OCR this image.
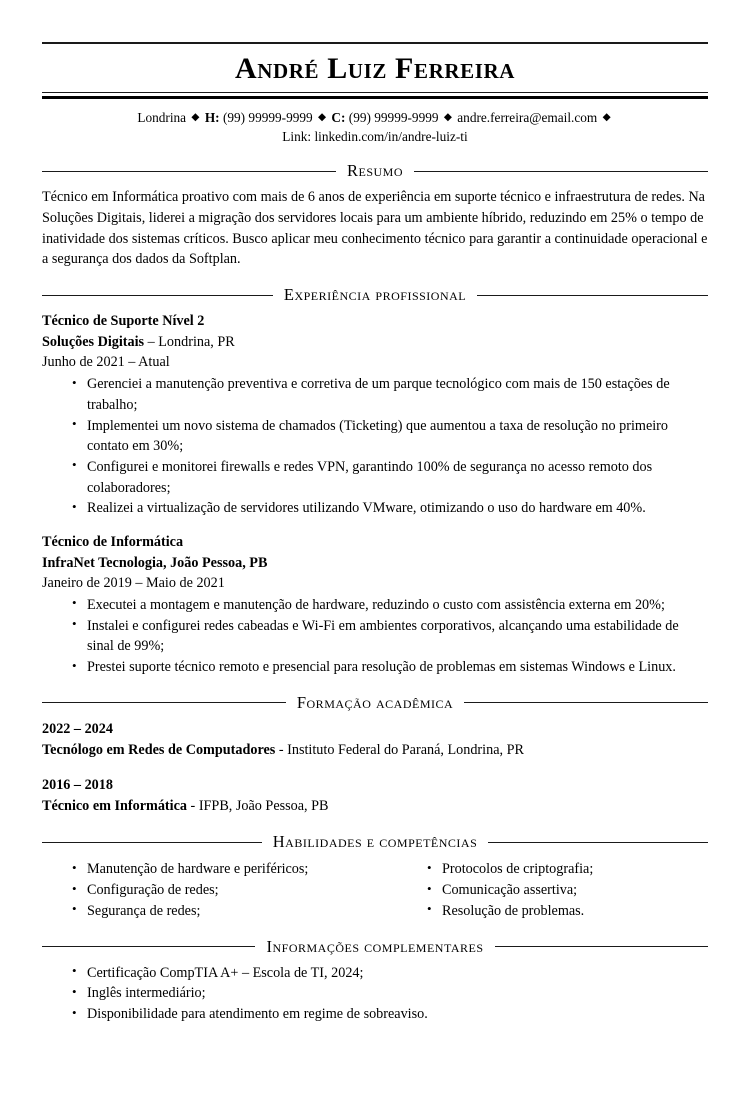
André Luiz Ferreira
Londrina ◆ H: (99) 99999-9999 ◆ C: (99) 99999-9999 ◆ andre.ferreira@email.com ◆
Link: linkedin.com/in/andre-luiz-ti
Resumo

Técnico em Informática proativo com mais de 6 anos de experiência em suporte técnico e infraestrutura de redes. Na Soluções Digitais, liderei a migração dos servidores locais para um ambiente híbrido, reduzindo em 25% o tempo de inatividade dos sistemas críticos. Busco aplicar meu conhecimento técnico para garantir a continuidade operacional e a segurança dos dados da Softplan.

Experiência profissional
Técnico de Suporte Nível 2
Soluções Digitais – Londrina, PR
Junho de 2021 – Atual
• Gerenciei a manutenção preventiva e corretiva de um parque tecnológico com mais de 150 estações de trabalho;
• Implementei um novo sistema de chamados (Ticketing) que aumentou a taxa de resolução no primeiro contato em 30%;
• Configurei e monitorei firewalls e redes VPN, garantindo 100% de segurança no acesso remoto dos colaboradores;
• Realizei a virtualização de servidores utilizando VMware, otimizando o uso do hardware em 40%.
Técnico de Informática
InfraNet Tecnologia, João Pessoa, PB
Janeiro de 2019 – Maio de 2021
• Executei a montagem e manutenção de hardware, reduzindo o custo com assistência externa em 20%;
• Instalei e configurei redes cabeadas e Wi-Fi em ambientes corporativos, alcançando uma estabilidade de sinal de 99%;
• Prestei suporte técnico remoto e presencial para resolução de problemas em sistemas Windows e Linux.
Formação acadêmica
2022 – 2024
Tecnólogo em Redes de Computadores - Instituto Federal do Paraná, Londrina, PR
2016 – 2018
Técnico em Informática - IFPB, João Pessoa, PB
Habilidades e competências
• Manutenção de hardware e periféricos;
• Configuração de redes;
• Segurança de redes;
• Protocolos de criptografia;
• Comunicação assertiva;
• Resolução de problemas.
Informações complementares
• Certificação CompTIA A+ – Escola de TI, 2024;
• Inglês intermediário;
• Disponibilidade para atendimento em regime de sobreaviso.
